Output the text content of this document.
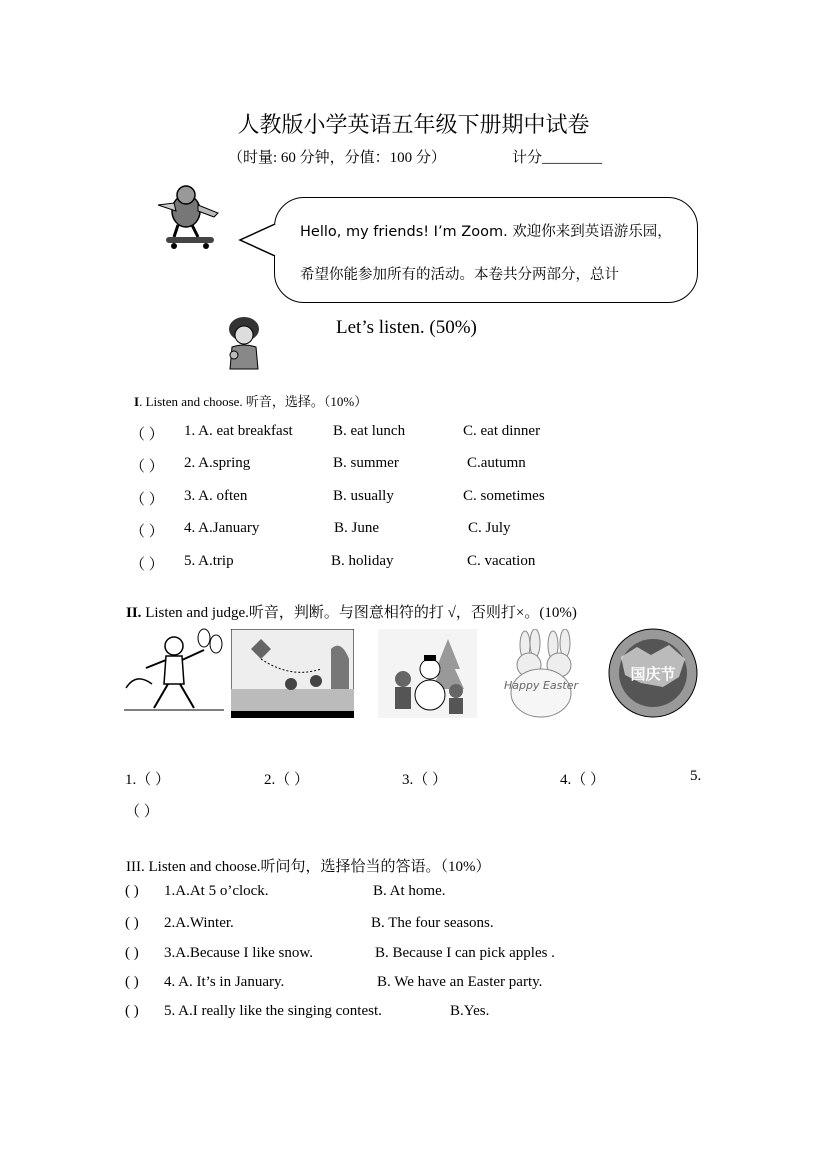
人教版小学英语五年级下册期中试卷
（时量: 60 分钟，分值：100 分）	计分________
Hello, my friends! I’m Zoom. 欢迎你来到英语游乐园，
希望你能参加所有的活动。本卷共分两部分，总计
Let’s listen. (50%)
I. Listen and choose. 听音，选择。（10%）
（ ） 1. A. eat breakfast	B. eat lunch	C. eat dinner
（ ） 2. A.spring	B. summer	C.autumn
（ ） 3. A. often	B. usually	C. sometimes
（ ） 4. A.January	B. June	C. July
（ ） 5. A.trip	B. holiday	C. vacation
II. Listen and judge.听音，判断。与图意相符的打 √，否则打×。(10%)
Happy Easter
国庆节
1.（ ）	2.（ ）	3.（ ）	4.（ ）	5.
（ ）
III. Listen and choose.听问句，选择恰当的答语。（10%）
( ) 1.A.At 5 o’clock.	B. At home.
( ) 2.A.Winter.	B. The four seasons.
( ) 3.A.Because I like snow.	B. Because I can pick apples .
( ) 4. A. It’s in January.	B. We have an Easter party.
( ) 5. A.I really like the singing contest.	B.Yes.
